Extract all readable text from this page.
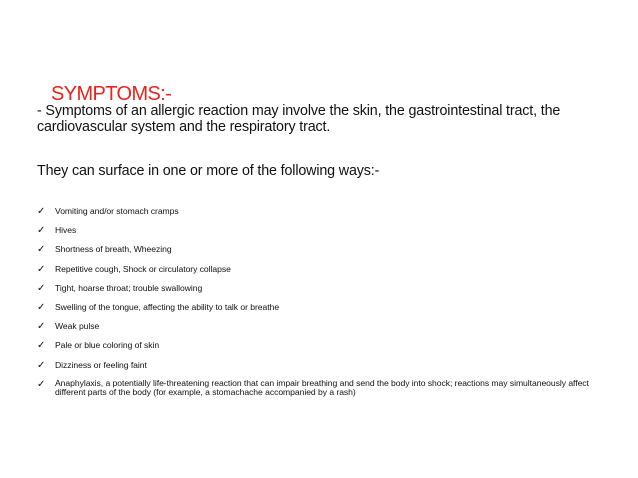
SYMPTOMS:-
- Symptoms of an allergic reaction may involve the skin, the gastrointestinal tract, the cardiovascular system and the respiratory tract.
They can surface in one or more of the following ways:-
✓ Vomiting and/or stomach cramps
✓ Hives
✓ Shortness of breath, Wheezing
✓ Repetitive cough, Shock or circulatory collapse
✓ Tight, hoarse throat; trouble swallowing
✓ Swelling of the tongue, affecting the ability to talk or breathe
✓ Weak pulse
✓ Pale or blue coloring of skin
✓ Dizziness or feeling faint
✓ Anaphylaxis, a potentially life-threatening reaction that can impair breathing and send the body into shock; reactions may simultaneously affect different parts of the body (for example, a stomachache accompanied by a rash)
